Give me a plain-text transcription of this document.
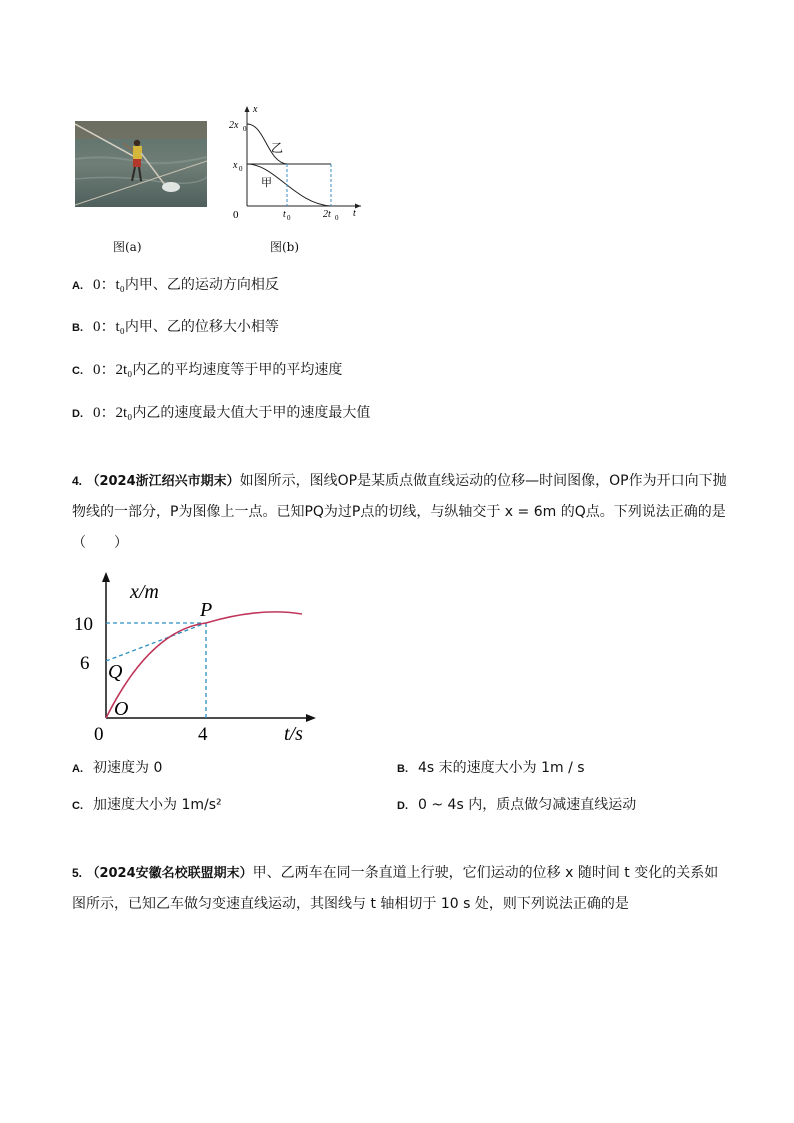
图(a)
x
t
0
2x 0
x 0
t 0	2t 0
乙
甲
图(b)
A. 0：t₀内甲、乙的运动方向相反
B. 0：t₀内甲、乙的位移大小相等
C. 0：2t₀内乙的平均速度等于甲的平均速度
D. 0：2t₀内乙的速度最大值大于甲的速度最大值
4. （2024浙江绍兴市期末）如图所示，图线OP是某质点做直线运动的位移—时间图像，OP作为开口向下抛物线的一部分，P为图像上一点。已知PQ为过P点的切线，与纵轴交于 x = 6m 的Q点。下列说法正确的是（　　）
x/m
t/s
10
6
4
0
P
Q
O
A. 初速度为 0	B. 4s 末的速度大小为 1m / s
C. 加速度大小为 1m/s²	D. 0 ~ 4s 内，质点做匀减速直线运动
5. （2024安徽名校联盟期末）甲、乙两车在同一条直道上行驶，它们运动的位移 x 随时间 t 变化的关系如图所示，已知乙车做匀变速直线运动，其图线与 t 轴相切于 10 s 处，则下列说法正确的是
